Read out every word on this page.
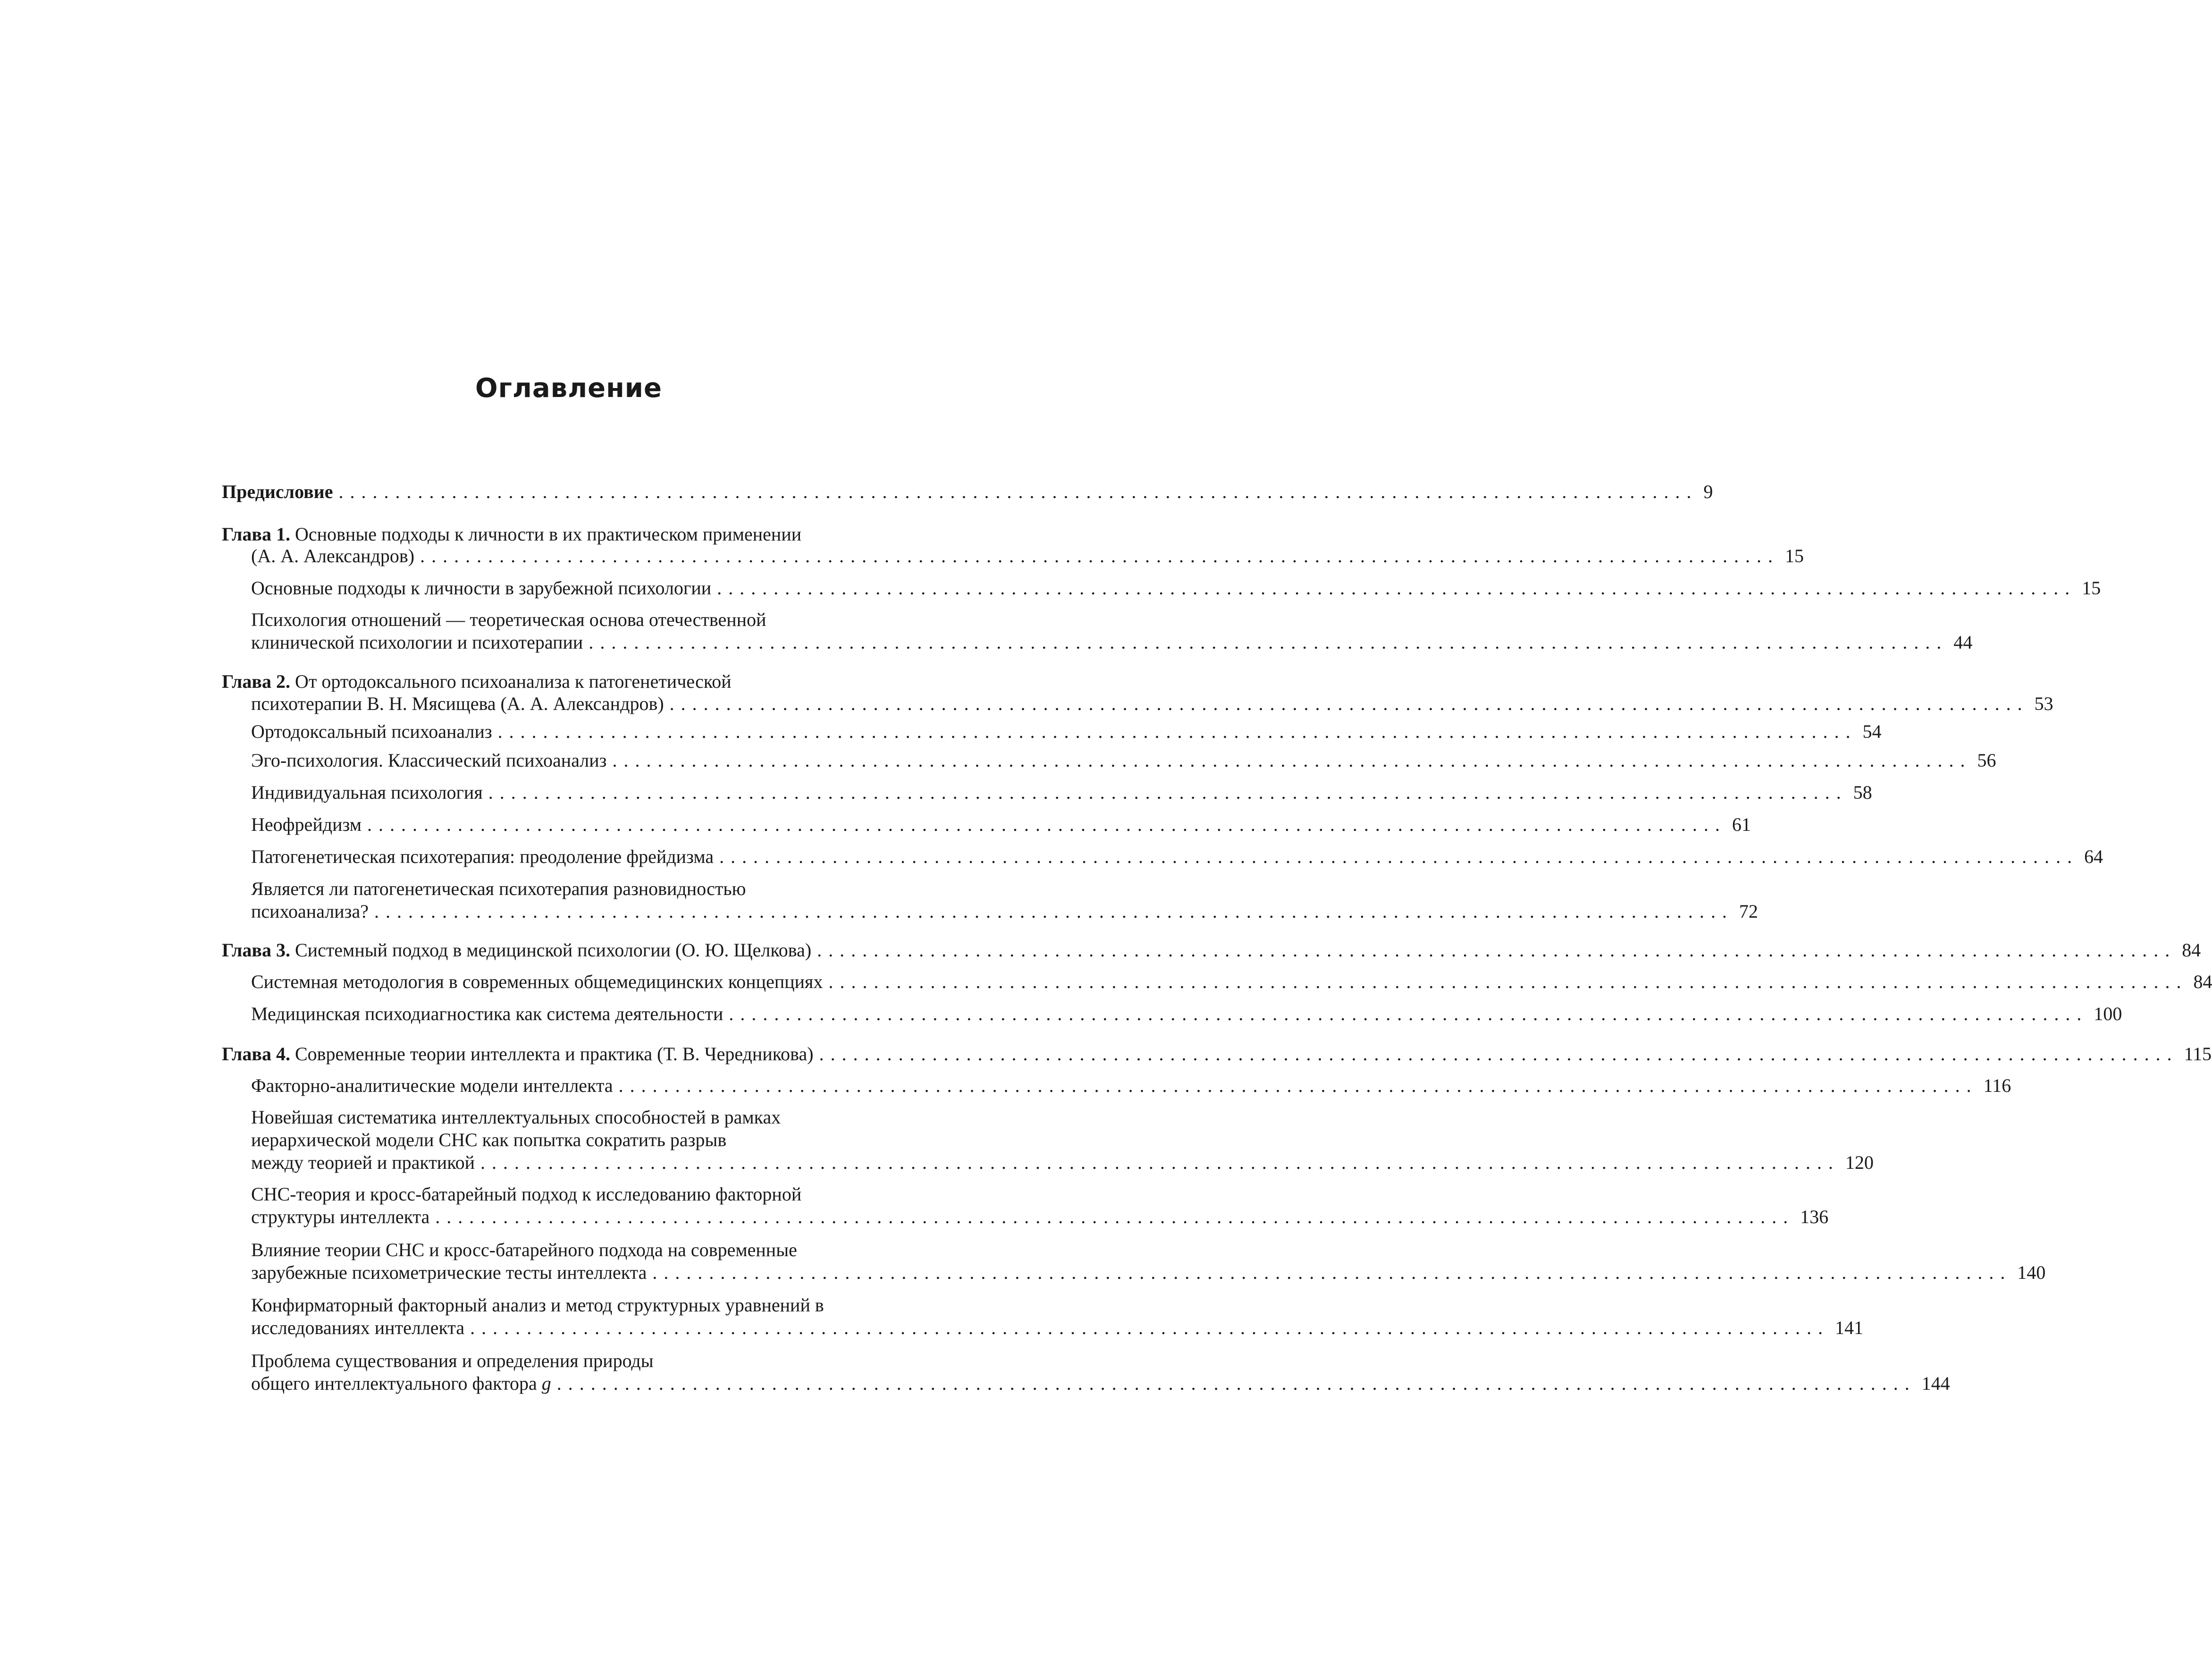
Оглавление
Предисловие ........................................................................................................................ 9
Глава 1. Основные подходы к личности в их практическом применении
(А. А. Александров) ........................................................................................................................ 15
Основные подходы к личности в зарубежной психологии ........................................................................................................................ 15
Психология отношений — теоретическая основа отечественной
клинической психологии и психотерапии ........................................................................................................................ 44
Глава 2. От ортодоксального психоанализа к патогенетической
психотерапии В. Н. Мясищева (А. А. Александров) ........................................................................................................................ 53
Ортодоксальный психоанализ ........................................................................................................................ 54
Эго-психология. Классический психоанализ ........................................................................................................................ 56
Индивидуальная психология ........................................................................................................................ 58
Неофрейдизм ........................................................................................................................ 61
Патогенетическая психотерапия: преодоление фрейдизма ........................................................................................................................ 64
Является ли патогенетическая психотерапия разновидностью
психоанализа? ........................................................................................................................ 72
Глава 3. Системный подход в медицинской психологии (О. Ю. Щелкова) ........................................................................................................................ 84
Системная методология в современных общемедицинских концепциях ........................................................................................................................ 84
Медицинская психодиагностика как система деятельности ........................................................................................................................ 100
Глава 4. Современные теории интеллекта и практика (Т. В. Чередникова) ........................................................................................................................ 115
Факторно-аналитические модели интеллекта ........................................................................................................................ 116
Новейшая систематика интеллектуальных способностей в рамках
иерархической модели CHC как попытка сократить разрыв
между теорией и практикой ........................................................................................................................ 120
CHC-теория и кросс-батарейный подход к исследованию факторной
структуры интеллекта ........................................................................................................................ 136
Влияние теории CHC и кросс-батарейного подхода на современные
зарубежные психометрические тесты интеллекта ........................................................................................................................ 140
Конфирматорный факторный анализ и метод структурных уравнений в
исследованиях интеллекта ........................................................................................................................ 141
Проблема существования и определения природы
общего интеллектуального фактора g ........................................................................................................................ 144
